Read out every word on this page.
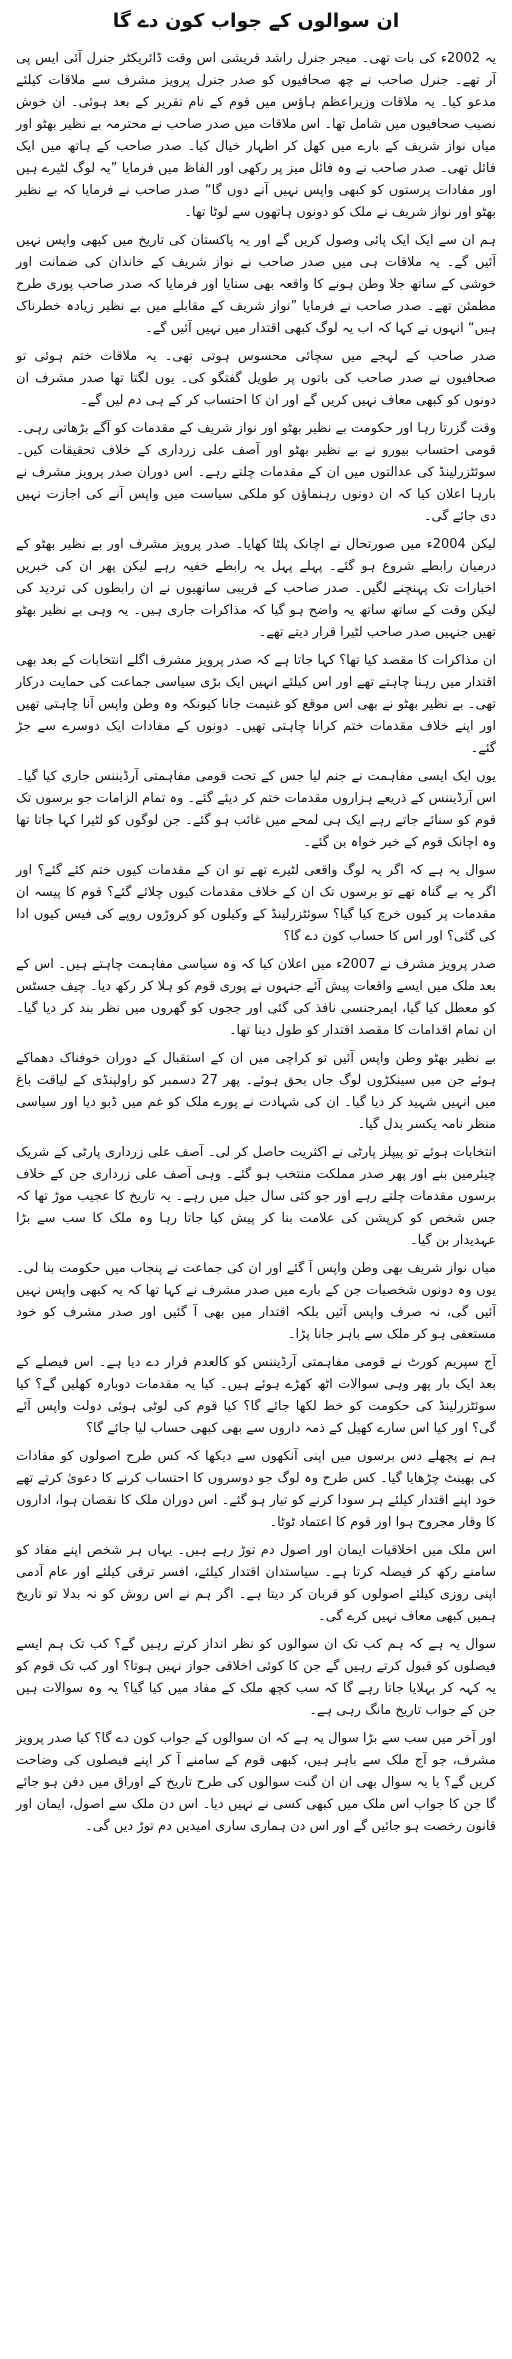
ان سوالوں کے جواب کون دے گا

یہ 2002ء کی بات تھی۔ میجر جنرل راشد قریشی اس وقت ڈائریکٹر جنرل آئی ایس پی آر تھے۔ جنرل صاحب نے چھ صحافیوں کو صدر جنرل پرویز مشرف سے ملاقات کیلئے مدعو کیا۔ یہ ملاقات وزیراعظم ہاؤس میں قوم کے نام تقریر کے بعد ہوئی۔ ان خوش نصیب صحافیوں میں شامل تھا۔ اس ملاقات میں صدر صاحب نے محترمہ بے نظیر بھٹو اور میاں نواز شریف کے بارے میں کھل کر اظہار خیال کیا۔ صدر صاحب کے ہاتھ میں ایک فائل تھی۔ صدر صاحب نے وہ فائل میز پر رکھی اور الفاظ میں فرمایا ”یہ لوگ لٹیرے ہیں اور مفادات پرستوں کو کبھی واپس نہیں آنے دوں گا“ صدر صاحب نے فرمایا کہ بے نظیر بھٹو اور نواز شریف نے ملک کو دونوں ہاتھوں سے لوٹا تھا۔

ہم ان سے ایک ایک پائی وصول کریں گے اور یہ پاکستان کی تاریخ میں کبھی واپس نہیں آئیں گے۔ یہ ملاقات ہی میں صدر صاحب نے نواز شریف کے خاندان کی ضمانت اور خوشی کے ساتھ جلا وطن ہونے کا واقعہ بھی سنایا اور فرمایا کہ صدر صاحب پوری طرح مطمئن تھے۔ صدر صاحب نے فرمایا ”نواز شریف کے مقابلے میں بے نظیر زیادہ خطرناک ہیں“ انہوں نے کہا کہ اب یہ لوگ کبھی اقتدار میں نہیں آئیں گے۔

صدر صاحب کے لہجے میں سچائی محسوس ہوتی تھی۔ یہ ملاقات ختم ہوئی تو صحافیوں نے صدر صاحب کی باتوں پر طویل گفتگو کی۔ یوں لگتا تھا صدر مشرف ان دونوں کو کبھی معاف نہیں کریں گے اور ان کا احتساب کر کے ہی دم لیں گے۔

وقت گزرتا رہا اور حکومت بے نظیر بھٹو اور نواز شریف کے مقدمات کو آگے بڑھاتی رہی۔ قومی احتساب بیورو نے بے نظیر بھٹو اور آصف علی زرداری کے خلاف تحقیقات کیں۔ سوئٹزرلینڈ کی عدالتوں میں ان کے مقدمات چلتے رہے۔ اس دوران صدر پرویز مشرف نے بارہا اعلان کیا کہ ان دونوں رہنماؤں کو ملکی سیاست میں واپس آنے کی اجازت نہیں دی جائے گی۔

لیکن 2004ء میں صورتحال نے اچانک پلٹا کھایا۔ صدر پرویز مشرف اور بے نظیر بھٹو کے درمیان رابطے شروع ہو گئے۔ پہلے پہل یہ رابطے خفیہ رہے لیکن پھر ان کی خبریں اخبارات تک پہنچنے لگیں۔ صدر صاحب کے قریبی ساتھیوں نے ان رابطوں کی تردید کی لیکن وقت کے ساتھ ساتھ یہ واضح ہو گیا کہ مذاکرات جاری ہیں۔ یہ وہی بے نظیر بھٹو تھیں جنہیں صدر صاحب لٹیرا قرار دیتے تھے۔

ان مذاکرات کا مقصد کیا تھا؟ کہا جاتا ہے کہ صدر پرویز مشرف اگلے انتخابات کے بعد بھی اقتدار میں رہنا چاہتے تھے اور اس کیلئے انہیں ایک بڑی سیاسی جماعت کی حمایت درکار تھی۔ بے نظیر بھٹو نے بھی اس موقع کو غنیمت جانا کیونکہ وہ وطن واپس آنا چاہتی تھیں اور اپنے خلاف مقدمات ختم کرانا چاہتی تھیں۔ دونوں کے مفادات ایک دوسرے سے جڑ گئے۔

یوں ایک ایسی مفاہمت نے جنم لیا جس کے تحت قومی مفاہمتی آرڈیننس جاری کیا گیا۔ اس آرڈیننس کے ذریعے ہزاروں مقدمات ختم کر دیئے گئے۔ وہ تمام الزامات جو برسوں تک قوم کو سنائے جاتے رہے ایک ہی لمحے میں غائب ہو گئے۔ جن لوگوں کو لٹیرا کہا جاتا تھا وہ اچانک قوم کے خیر خواہ بن گئے۔

سوال یہ ہے کہ اگر یہ لوگ واقعی لٹیرے تھے تو ان کے مقدمات کیوں ختم کئے گئے؟ اور اگر یہ بے گناہ تھے تو برسوں تک ان کے خلاف مقدمات کیوں چلائے گئے؟ قوم کا پیسہ ان مقدمات پر کیوں خرچ کیا گیا؟ سوئٹزرلینڈ کے وکیلوں کو کروڑوں روپے کی فیس کیوں ادا کی گئی؟ اور اس کا حساب کون دے گا؟

صدر پرویز مشرف نے 2007ء میں اعلان کیا کہ وہ سیاسی مفاہمت چاہتے ہیں۔ اس کے بعد ملک میں ایسے واقعات پیش آئے جنہوں نے پوری قوم کو ہلا کر رکھ دیا۔ چیف جسٹس کو معطل کیا گیا، ایمرجنسی نافذ کی گئی اور ججوں کو گھروں میں نظر بند کر دیا گیا۔ ان تمام اقدامات کا مقصد اقتدار کو طول دینا تھا۔

بے نظیر بھٹو وطن واپس آئیں تو کراچی میں ان کے استقبال کے دوران خوفناک دھماکے ہوئے جن میں سینکڑوں لوگ جاں بحق ہوئے۔ پھر 27 دسمبر کو راولپنڈی کے لیاقت باغ میں انہیں شہید کر دیا گیا۔ ان کی شہادت نے پورے ملک کو غم میں ڈبو دیا اور سیاسی منظر نامہ یکسر بدل گیا۔

انتخابات ہوئے تو پیپلز پارٹی نے اکثریت حاصل کر لی۔ آصف علی زرداری پارٹی کے شریک چیئرمین بنے اور پھر صدر مملکت منتخب ہو گئے۔ وہی آصف علی زرداری جن کے خلاف برسوں مقدمات چلتے رہے اور جو کئی سال جیل میں رہے۔ یہ تاریخ کا عجیب موڑ تھا کہ جس شخص کو کرپشن کی علامت بنا کر پیش کیا جاتا رہا وہ ملک کا سب سے بڑا عہدیدار بن گیا۔

میاں نواز شریف بھی وطن واپس آ گئے اور ان کی جماعت نے پنجاب میں حکومت بنا لی۔ یوں وہ دونوں شخصیات جن کے بارے میں صدر مشرف نے کہا تھا کہ یہ کبھی واپس نہیں آئیں گی، نہ صرف واپس آئیں بلکہ اقتدار میں بھی آ گئیں اور صدر مشرف کو خود مستعفی ہو کر ملک سے باہر جانا پڑا۔

آج سپریم کورٹ نے قومی مفاہمتی آرڈیننس کو کالعدم قرار دے دیا ہے۔ اس فیصلے کے بعد ایک بار پھر وہی سوالات اٹھ کھڑے ہوئے ہیں۔ کیا یہ مقدمات دوبارہ کھلیں گے؟ کیا سوئٹزرلینڈ کی حکومت کو خط لکھا جائے گا؟ کیا قوم کی لوٹی ہوئی دولت واپس آئے گی؟ اور کیا اس سارے کھیل کے ذمہ داروں سے بھی کبھی حساب لیا جائے گا؟

ہم نے پچھلے دس برسوں میں اپنی آنکھوں سے دیکھا کہ کس طرح اصولوں کو مفادات کی بھینٹ چڑھایا گیا۔ کس طرح وہ لوگ جو دوسروں کا احتساب کرنے کا دعویٰ کرتے تھے خود اپنے اقتدار کیلئے ہر سودا کرنے کو تیار ہو گئے۔ اس دوران ملک کا نقصان ہوا، اداروں کا وقار مجروح ہوا اور قوم کا اعتماد ٹوٹا۔

اس ملک میں اخلاقیات ایمان اور اصول دم توڑ رہے ہیں۔ یہاں ہر شخص اپنے مفاد کو سامنے رکھ کر فیصلہ کرتا ہے۔ سیاستدان اقتدار کیلئے، افسر ترقی کیلئے اور عام آدمی اپنی روزی کیلئے اصولوں کو قربان کر دیتا ہے۔ اگر ہم نے اس روش کو نہ بدلا تو تاریخ ہمیں کبھی معاف نہیں کرے گی۔

سوال یہ ہے کہ ہم کب تک ان سوالوں کو نظر انداز کرتے رہیں گے؟ کب تک ہم ایسے فیصلوں کو قبول کرتے رہیں گے جن کا کوئی اخلاقی جواز نہیں ہوتا؟ اور کب تک قوم کو یہ کہہ کر بہلایا جاتا رہے گا کہ سب کچھ ملک کے مفاد میں کیا گیا؟ یہ وہ سوالات ہیں جن کے جواب تاریخ مانگ رہی ہے۔

اور آخر میں سب سے بڑا سوال یہ ہے کہ ان سوالوں کے جواب کون دے گا؟ کیا صدر پرویز مشرف، جو آج ملک سے باہر ہیں، کبھی قوم کے سامنے آ کر اپنے فیصلوں کی وضاحت کریں گے؟ یا یہ سوال بھی ان ان گنت سوالوں کی طرح تاریخ کے اوراق میں دفن ہو جائے گا جن کا جواب اس ملک میں کبھی کسی نے نہیں دیا۔ اس دن ملک سے اصول، ایمان اور قانون رخصت ہو جائیں گے اور اس دن ہماری ساری امیدیں دم توڑ دیں گی۔
